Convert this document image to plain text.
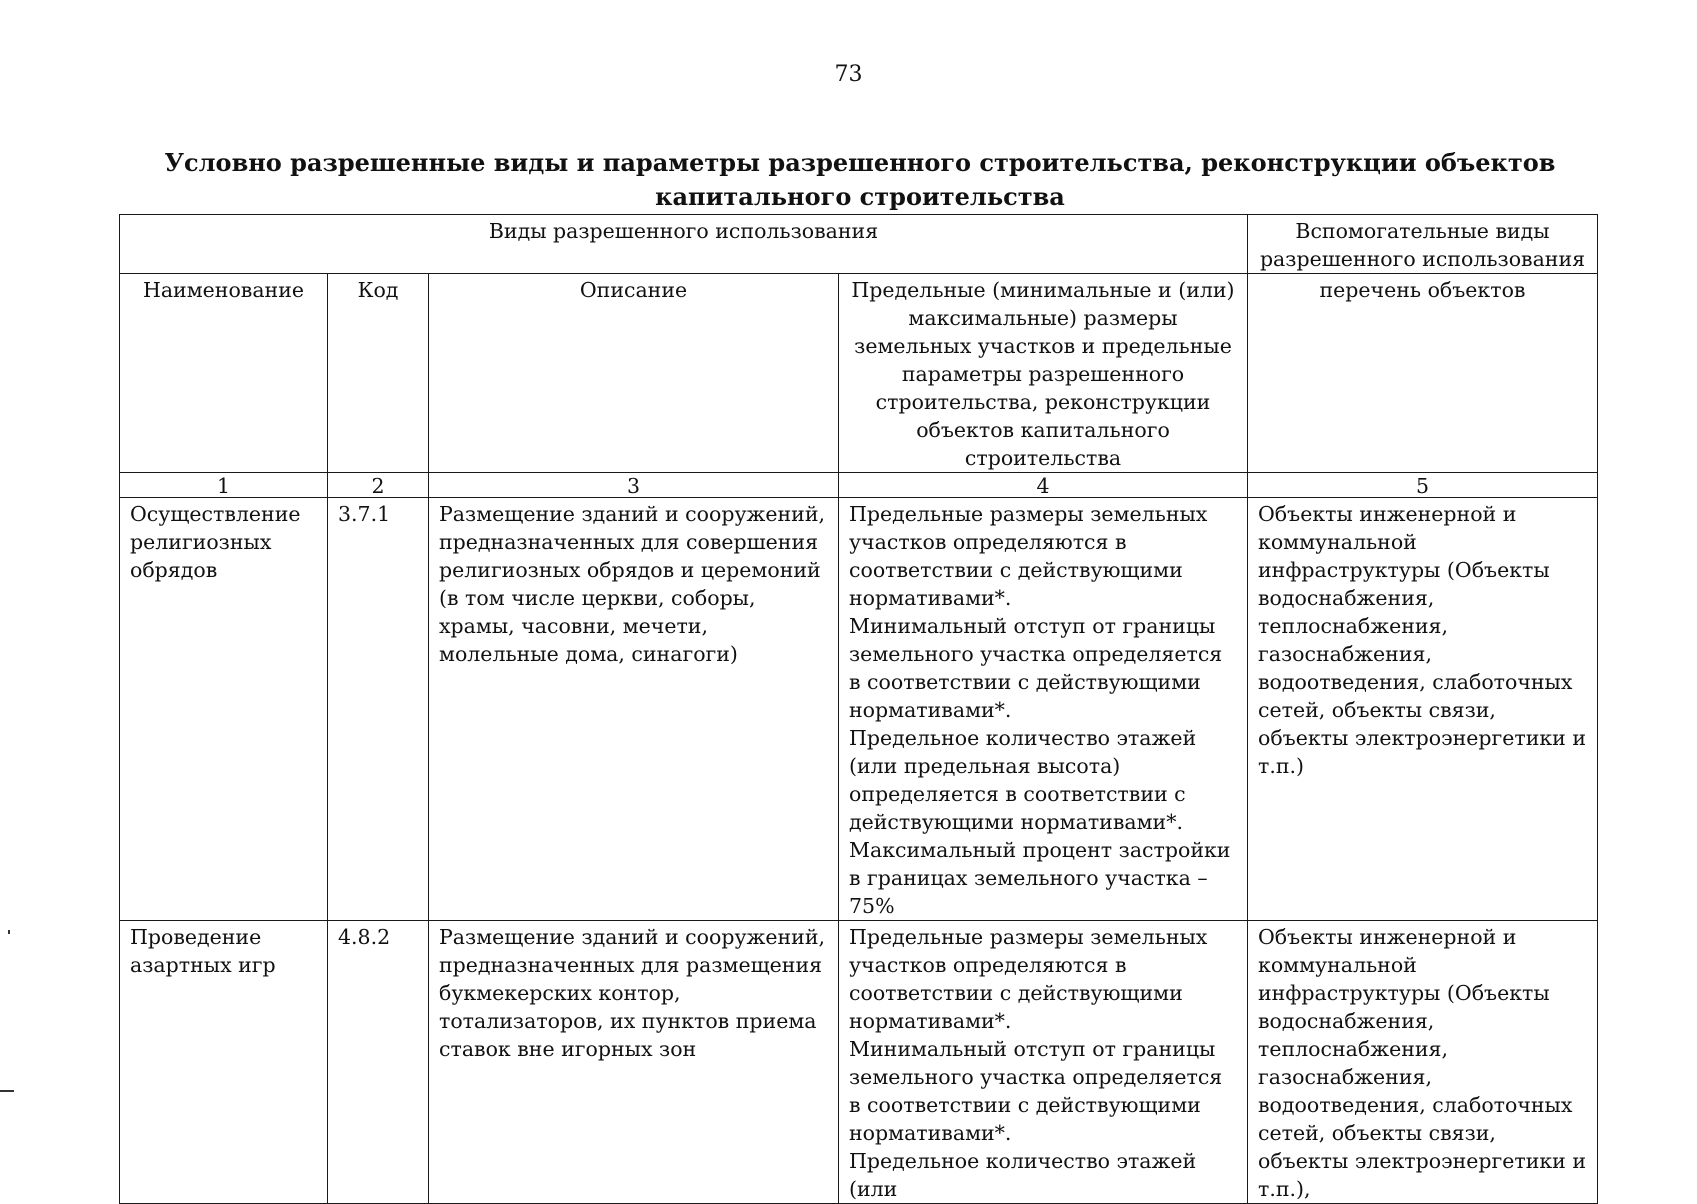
73
Условно разрешенные виды и параметры разрешенного строительства, реконструкции объектов капитального строительства
Виды разрешенного использования				Вспомогательные виды разрешенного использования
Наименование	Код	Описание	Предельные (минимальные и (или) максимальные) размеры земельных участков и предельные параметры разрешенного строительства, реконструкции объектов капитального строительства	перечень объектов
1	2	3	4	5
Осуществление религиозных обрядов	3.7.1	Размещение зданий и сооружений, предназначенных для совершения религиозных обрядов и церемоний (в том числе церкви, соборы, храмы, часовни, мечети, молельные дома, синагоги)	Предельные размеры земельных участков определяются в соответствии с действующими нормативами*.
Минимальный отступ от границы земельного участка определяется в соответствии с действующими нормативами*.
Предельное количество этажей (или предельная высота) определяется в соответствии с действующими нормативами*.
Максимальный процент застройки в границах земельного участка – 75%	Объекты инженерной и коммунальной инфраструктуры (Объекты водоснабжения, теплоснабжения, газоснабжения, водоотведения, слаботочных сетей, объекты связи, объекты электроэнергетики и т.п.)
Проведение азартных игр	4.8.2	Размещение зданий и сооружений, предназначенных для размещения букмекерских контор, тотализаторов, их пунктов приема ставок вне игорных зон	Предельные размеры земельных участков определяются в соответствии с действующими нормативами*.
Минимальный отступ от границы земельного участка определяется в соответствии с действующими нормативами*.
Предельное количество этажей (или	Объекты инженерной и коммунальной инфраструктуры (Объекты водоснабжения, теплоснабжения, газоснабжения, водоотведения, слаботочных сетей, объекты связи, объекты электроэнергетики и т.п.),
